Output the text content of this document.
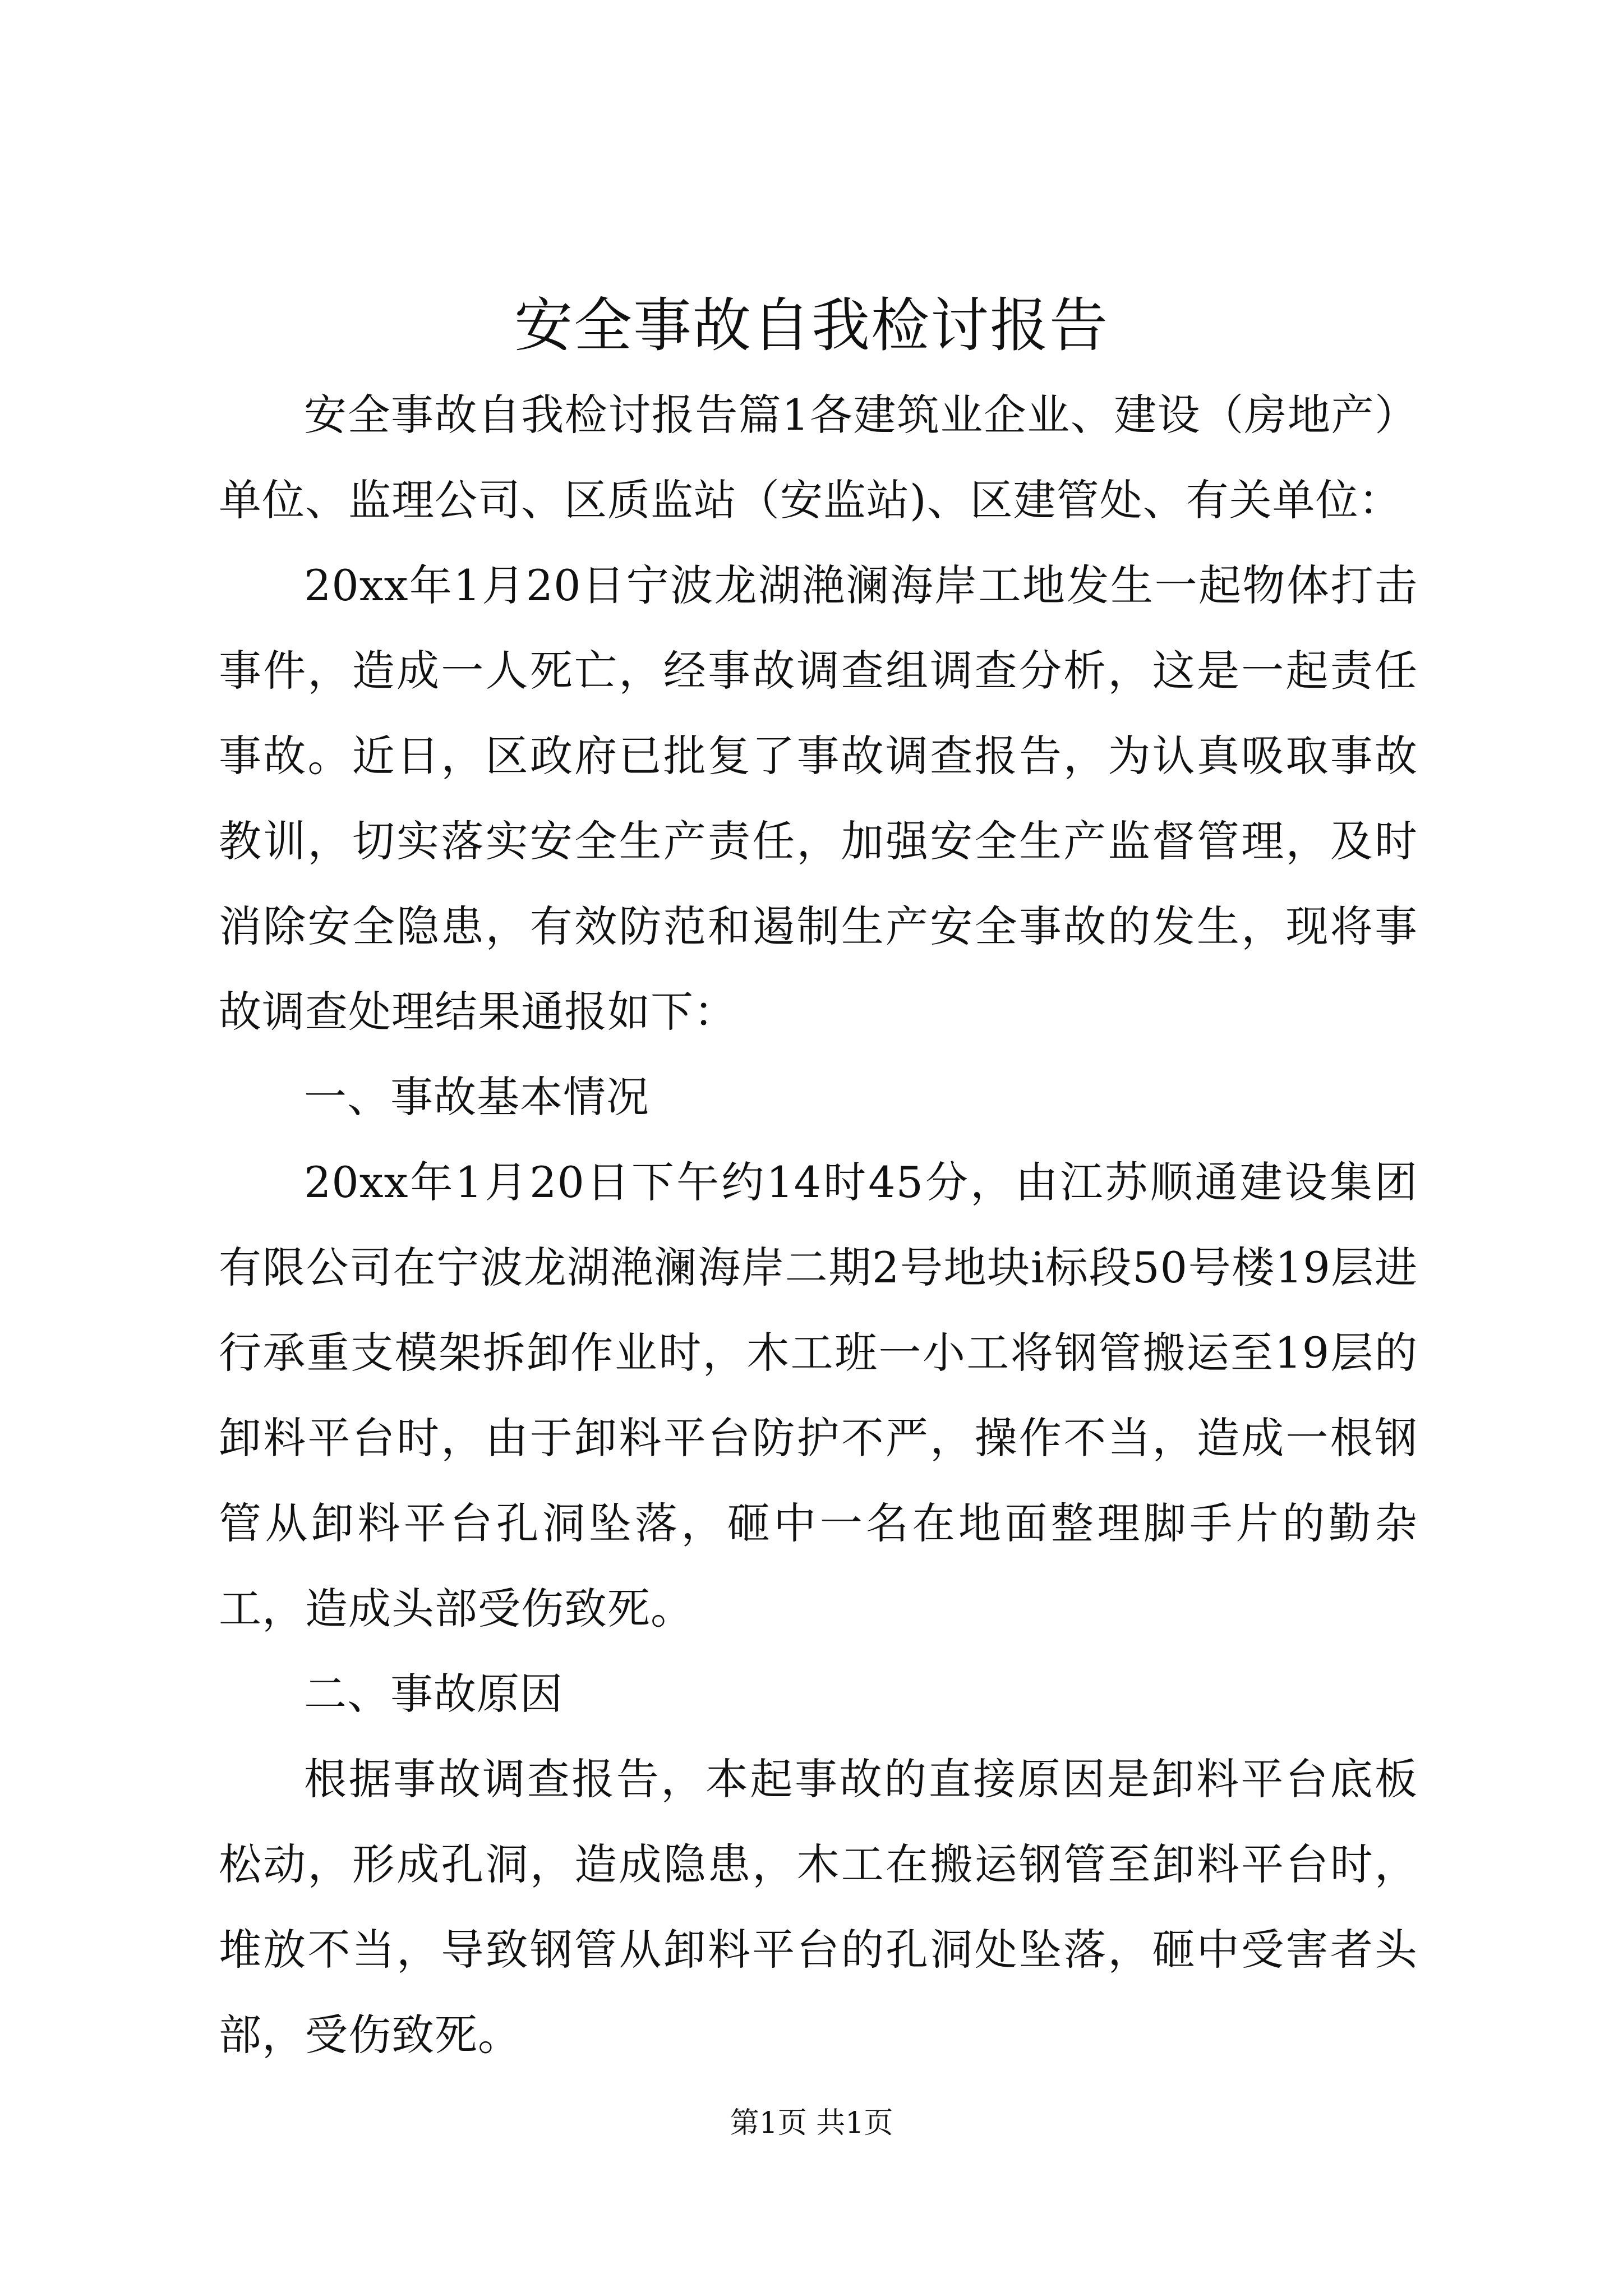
安全事故自我检讨报告

安全事故自我检讨报告篇1各建筑业企业、建设（房地产）单位、监理公司、区质监站（安监站)、区建管处、有关单位：

20xx年1月20日宁波龙湖滟澜海岸工地发生一起物体打击事件，造成一人死亡，经事故调查组调查分析，这是一起责任事故。近日，区政府已批复了事故调查报告，为认真吸取事故教训，切实落实安全生产责任，加强安全生产监督管理，及时消除安全隐患，有效防范和遏制生产安全事故的发生，现将事故调查处理结果通报如下：

一、事故基本情况

20xx年1月20日下午约14时45分，由江苏顺通建设集团有限公司在宁波龙湖滟澜海岸二期2号地块i标段50号楼19层进行承重支模架拆卸作业时，木工班一小工将钢管搬运至19层的卸料平台时，由于卸料平台防护不严，操作不当，造成一根钢管从卸料平台孔洞坠落，砸中一名在地面整理脚手片的勤杂工，造成头部受伤致死。

二、事故原因

根据事故调查报告，本起事故的直接原因是卸料平台底板松动，形成孔洞，造成隐患，木工在搬运钢管至卸料平台时，堆放不当，导致钢管从卸料平台的孔洞处坠落，砸中受害者头部，受伤致死。

第1页 共1页
